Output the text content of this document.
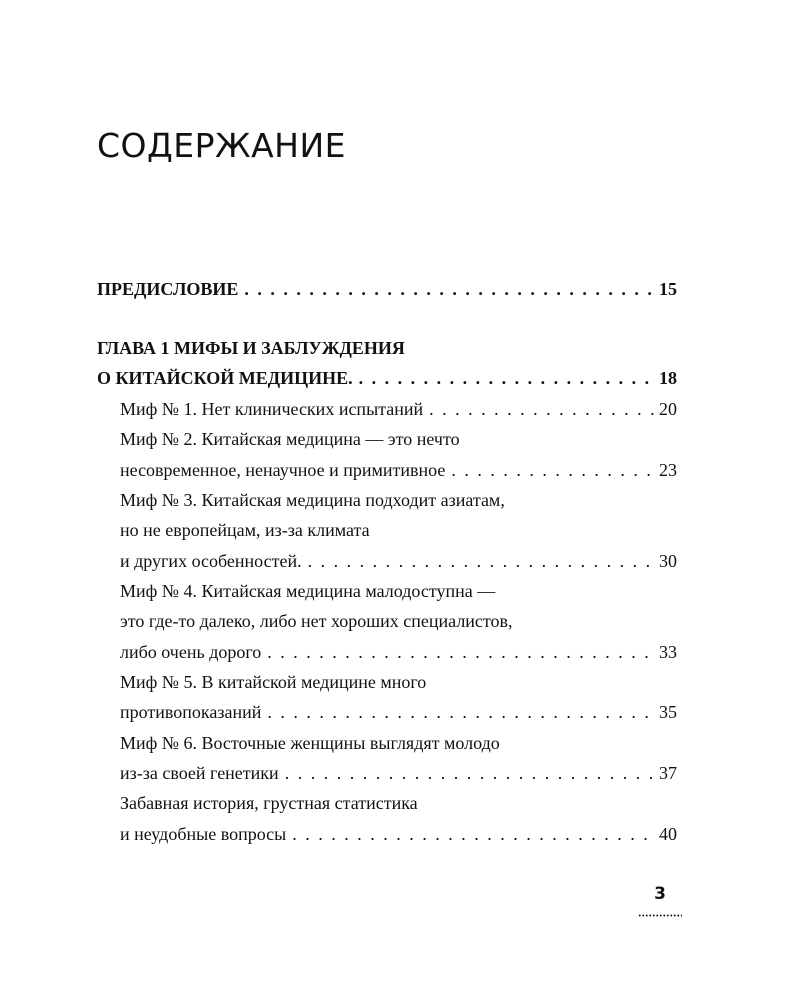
СОДЕРЖАНИЕ
ПРЕДИСЛОВИЕ . . .	15
ГЛАВА 1 МИФЫ И ЗАБЛУЖДЕНИЯ
О КИТАЙСКОЙ МЕДИЦИНЕ. . . .	18
Миф № 1. Нет клинических испытаний . . .	20
Миф № 2. Китайская медицина — это нечто
несовременное, ненаучное и примитивное . . .	23
Миф № 3. Китайская медицина подходит азиатам,
но не европейцам, из-за климата
и других особенностей. . . .	30
Миф № 4. Китайская медицина малодоступна —
это где-то далеко, либо нет хороших специалистов,
либо очень дорого . . .	33
Миф № 5. В китайской медицине много
противопоказаний . . .	35
Миф № 6. Восточные женщины выглядят молодо
из-за своей генетики . . .	37
Забавная история, грустная статистика
и неудобные вопросы . . .	40
3
